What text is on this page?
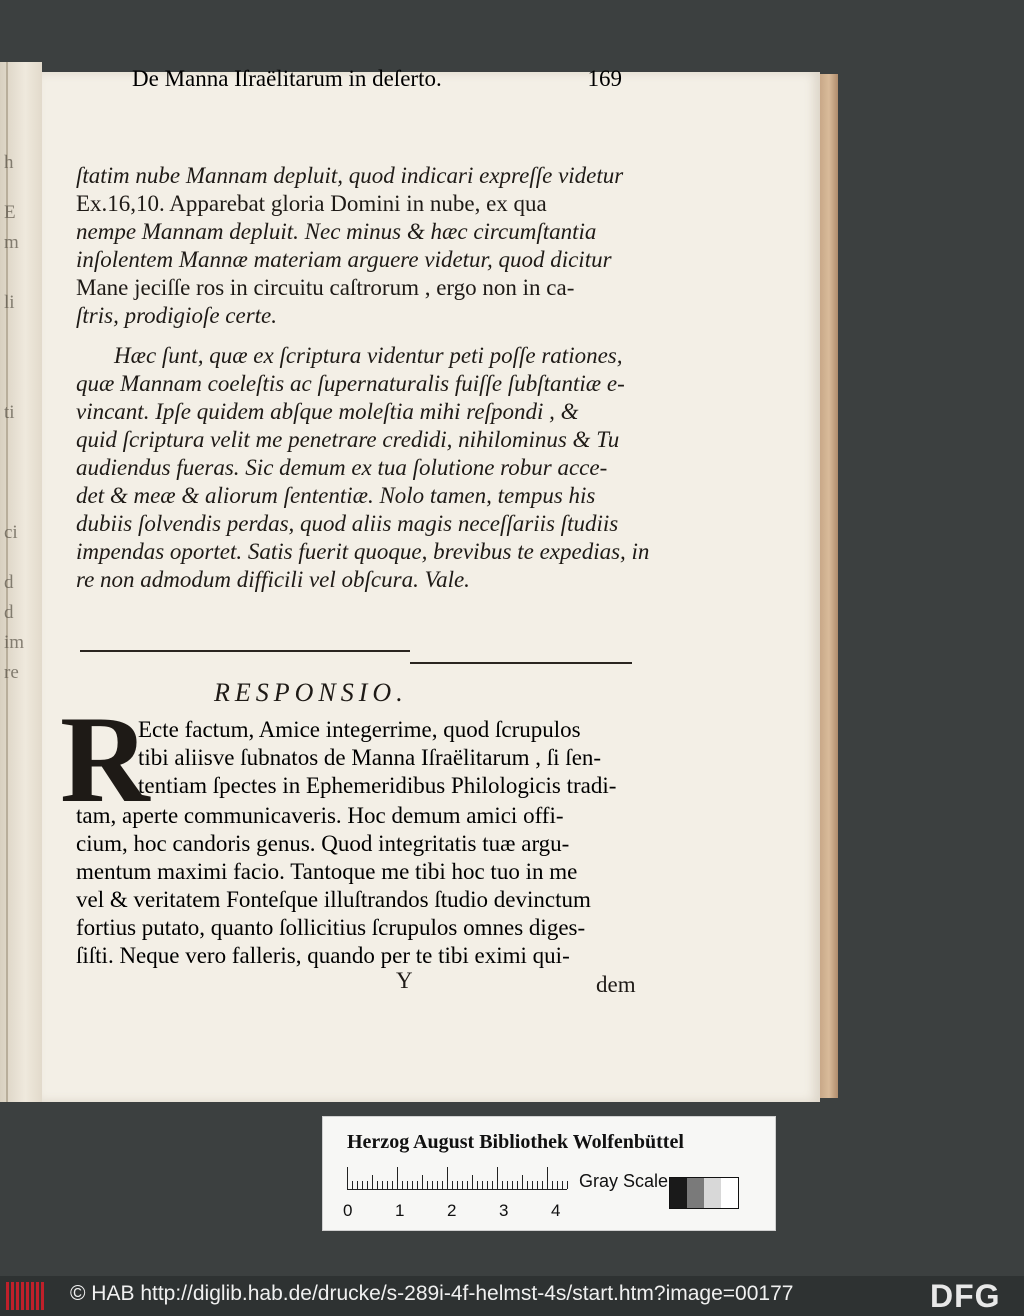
h
E
m
li
ti
ci
d
d
im
re
De Manna Iſraëlitarum in deſerto.	169
ſtatim nube Mannam depluit, quod indicari expreſſe videtur
Ex.16,10. Apparebat gloria Domini in nube, ex qua
nempe Mannam depluit. Nec minus & hæc circumſtantia
inſolentem Mannæ materiam arguere videtur, quod dicitur
Mane jeciſſe ros in circuitu caſtrorum , ergo non in ca-
ſtris, prodigioſe certe.
Hæc ſunt, quæ ex ſcriptura videntur peti poſſe rationes,
quæ Mannam coeleſtis ac ſupernaturalis fuiſſe ſubſtantiæ e-
vincant. Ipſe quidem abſque moleſtia mihi reſpondi , &
quid ſcriptura velit me penetrare credidi, nihilominus & Tu
audiendus fueras. Sic demum ex tua ſolutione robur acce-
det & meæ & aliorum ſententiæ. Nolo tamen, tempus his
dubiis ſolvendis perdas, quod aliis magis neceſſariis ſtudiis
impendas oportet. Satis fuerit quoque, brevibus te expedias, in
re non admodum difficili vel obſcura. Vale.
RESPONSIO.
R
Ecte factum, Amice integerrime, quod ſcrupulos
tibi aliisve ſubnatos de Manna Iſraëlitarum , ſi ſen-
tentiam ſpectes in Ephemeridibus Philologicis tradi-
tam, aperte communicaveris. Hoc demum amici offi-
cium, hoc candoris genus. Quod integritatis tuæ argu-
mentum maximi facio. Tantoque me tibi hoc tuo in me
vel & veritatem Fonteſque illuſtrandos ſtudio devinctum
fortius putato, quanto ſollicitius ſcrupulos omnes diges-
ſiſti. Neque vero falleris, quando per te tibi eximi qui-
Y	dem
Herzog August Bibliothek Wolfenbüttel
0	1	2	3	4
Gray Scale
© HAB http://diglib.hab.de/drucke/s-289i-4f-helmst-4s/start.htm?image=00177	DFG
